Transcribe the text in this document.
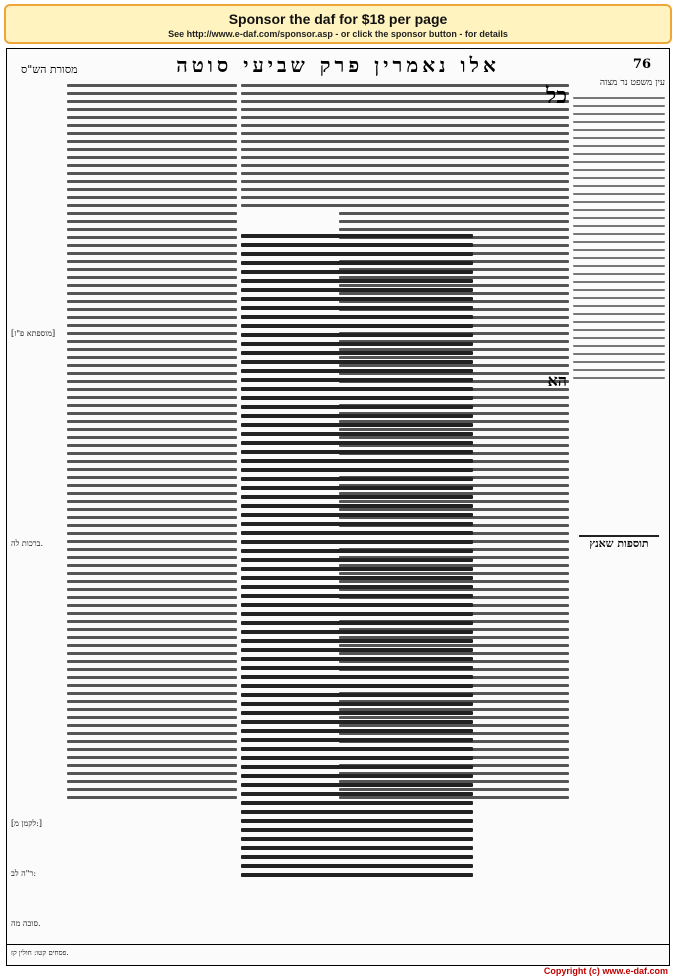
Sponsor the daf for $18 per page
See http://www.e-daf.com/sponsor.asp - or click the sponsor button - for details
מסורת הש"ס	אלו נאמרין פרק שביעי סוטה	76
עין משפט נר מצוה
תוספות שאנץ
כל
הא
[מוספתא פ"ז]
ברכות לה.
[לקמן מ:]
ר"ה לב:
סוכה מה.
פסחים קטו: חולין קז.
Copyright (c) www.e-daf.com
